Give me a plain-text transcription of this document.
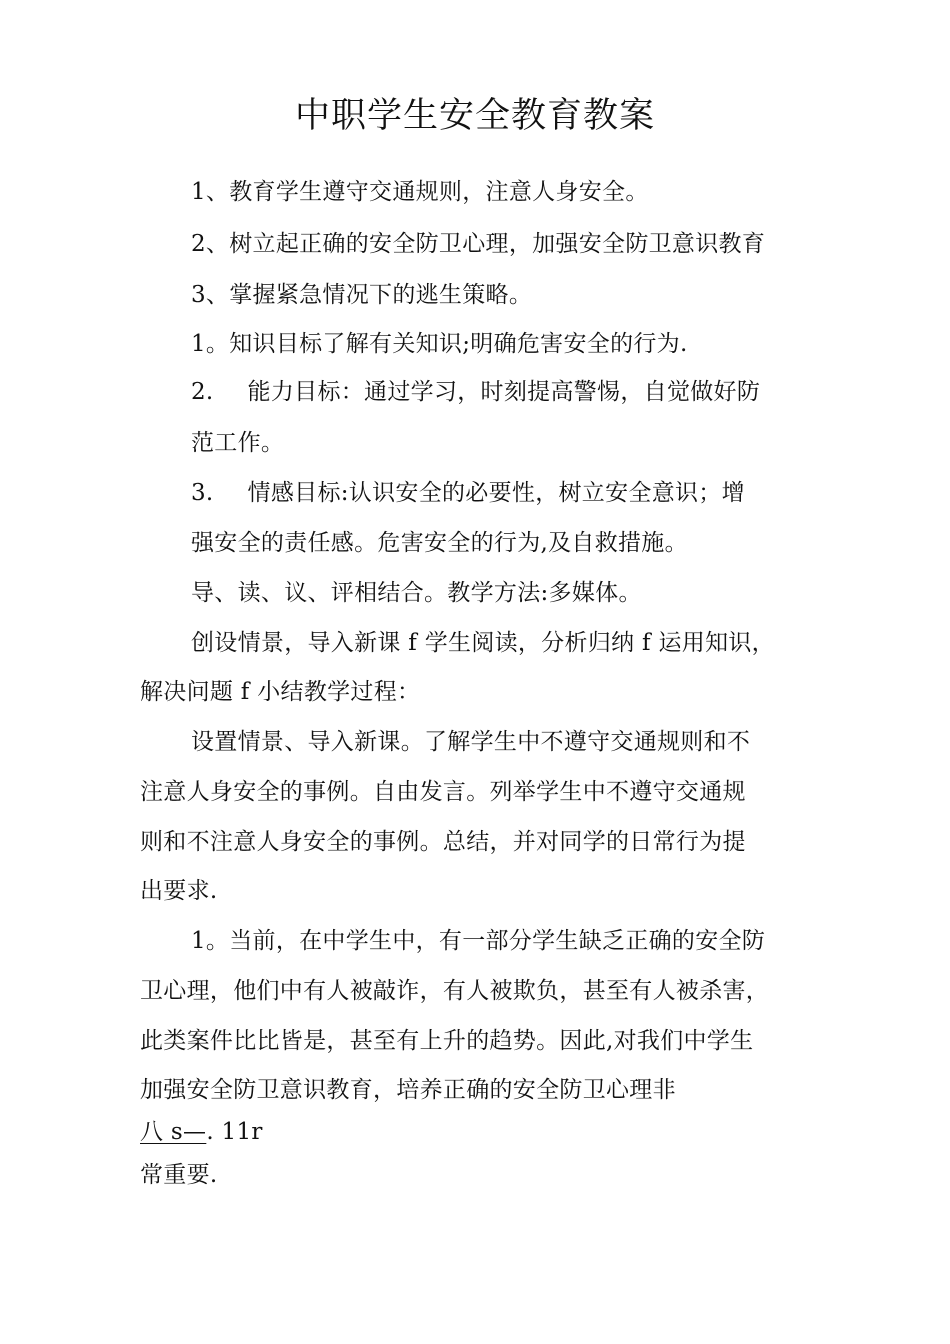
中职学生安全教育教案
1、教育学生遵守交通规则，注意人身安全。
2、树立起正确的安全防卫心理，加强安全防卫意识教育
3、掌握紧急情况下的逃生策略。
1。知识目标了解有关知识;明确危害安全的行为.
2. 能力目标：通过学习，时刻提高警惕，自觉做好防
范工作。
3. 情感目标:认识安全的必要性，树立安全意识；增
强安全的责任感。危害安全的行为,及自救措施。
导、读、议、评相结合。教学方法:多媒体。
创设情景，导入新课 f 学生阅读，分析归纳 f 运用知识，
解决问题 f 小结教学过程：
设置情景、导入新课。了解学生中不遵守交通规则和不
注意人身安全的事例。自由发言。列举学生中不遵守交通规
则和不注意人身安全的事例。总结，并对同学的日常行为提
出要求.
1。当前，在中学生中，有一部分学生缺乏正确的安全防
卫心理，他们中有人被敲诈，有人被欺负，甚至有人被杀害，
此类案件比比皆是，甚至有上升的趋势。因此,对我们中学生
加强安全防卫意识教育，培养正确的安全防卫心理非
八 s—. 11r
常重要.
